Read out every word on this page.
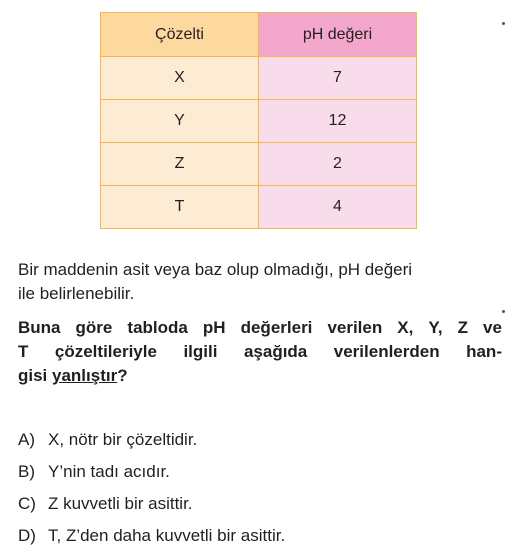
Çözelti	pH değeri
X	7
Y	12
Z	2
T	4
Bir maddenin asit veya baz olup olmadığı, pH değeri
ile belirlenebilir.
Buna göre tabloda pH değerleri verilen X, Y, Z ve
T çözeltileriyle ilgili aşağıda verilenlerden han-
gisi yanlıştır?
A) X, nötr bir çözeltidir.
B) Y’nin tadı acıdır.
C) Z kuvvetli bir asittir.
D) T, Z’den daha kuvvetli bir asittir.
